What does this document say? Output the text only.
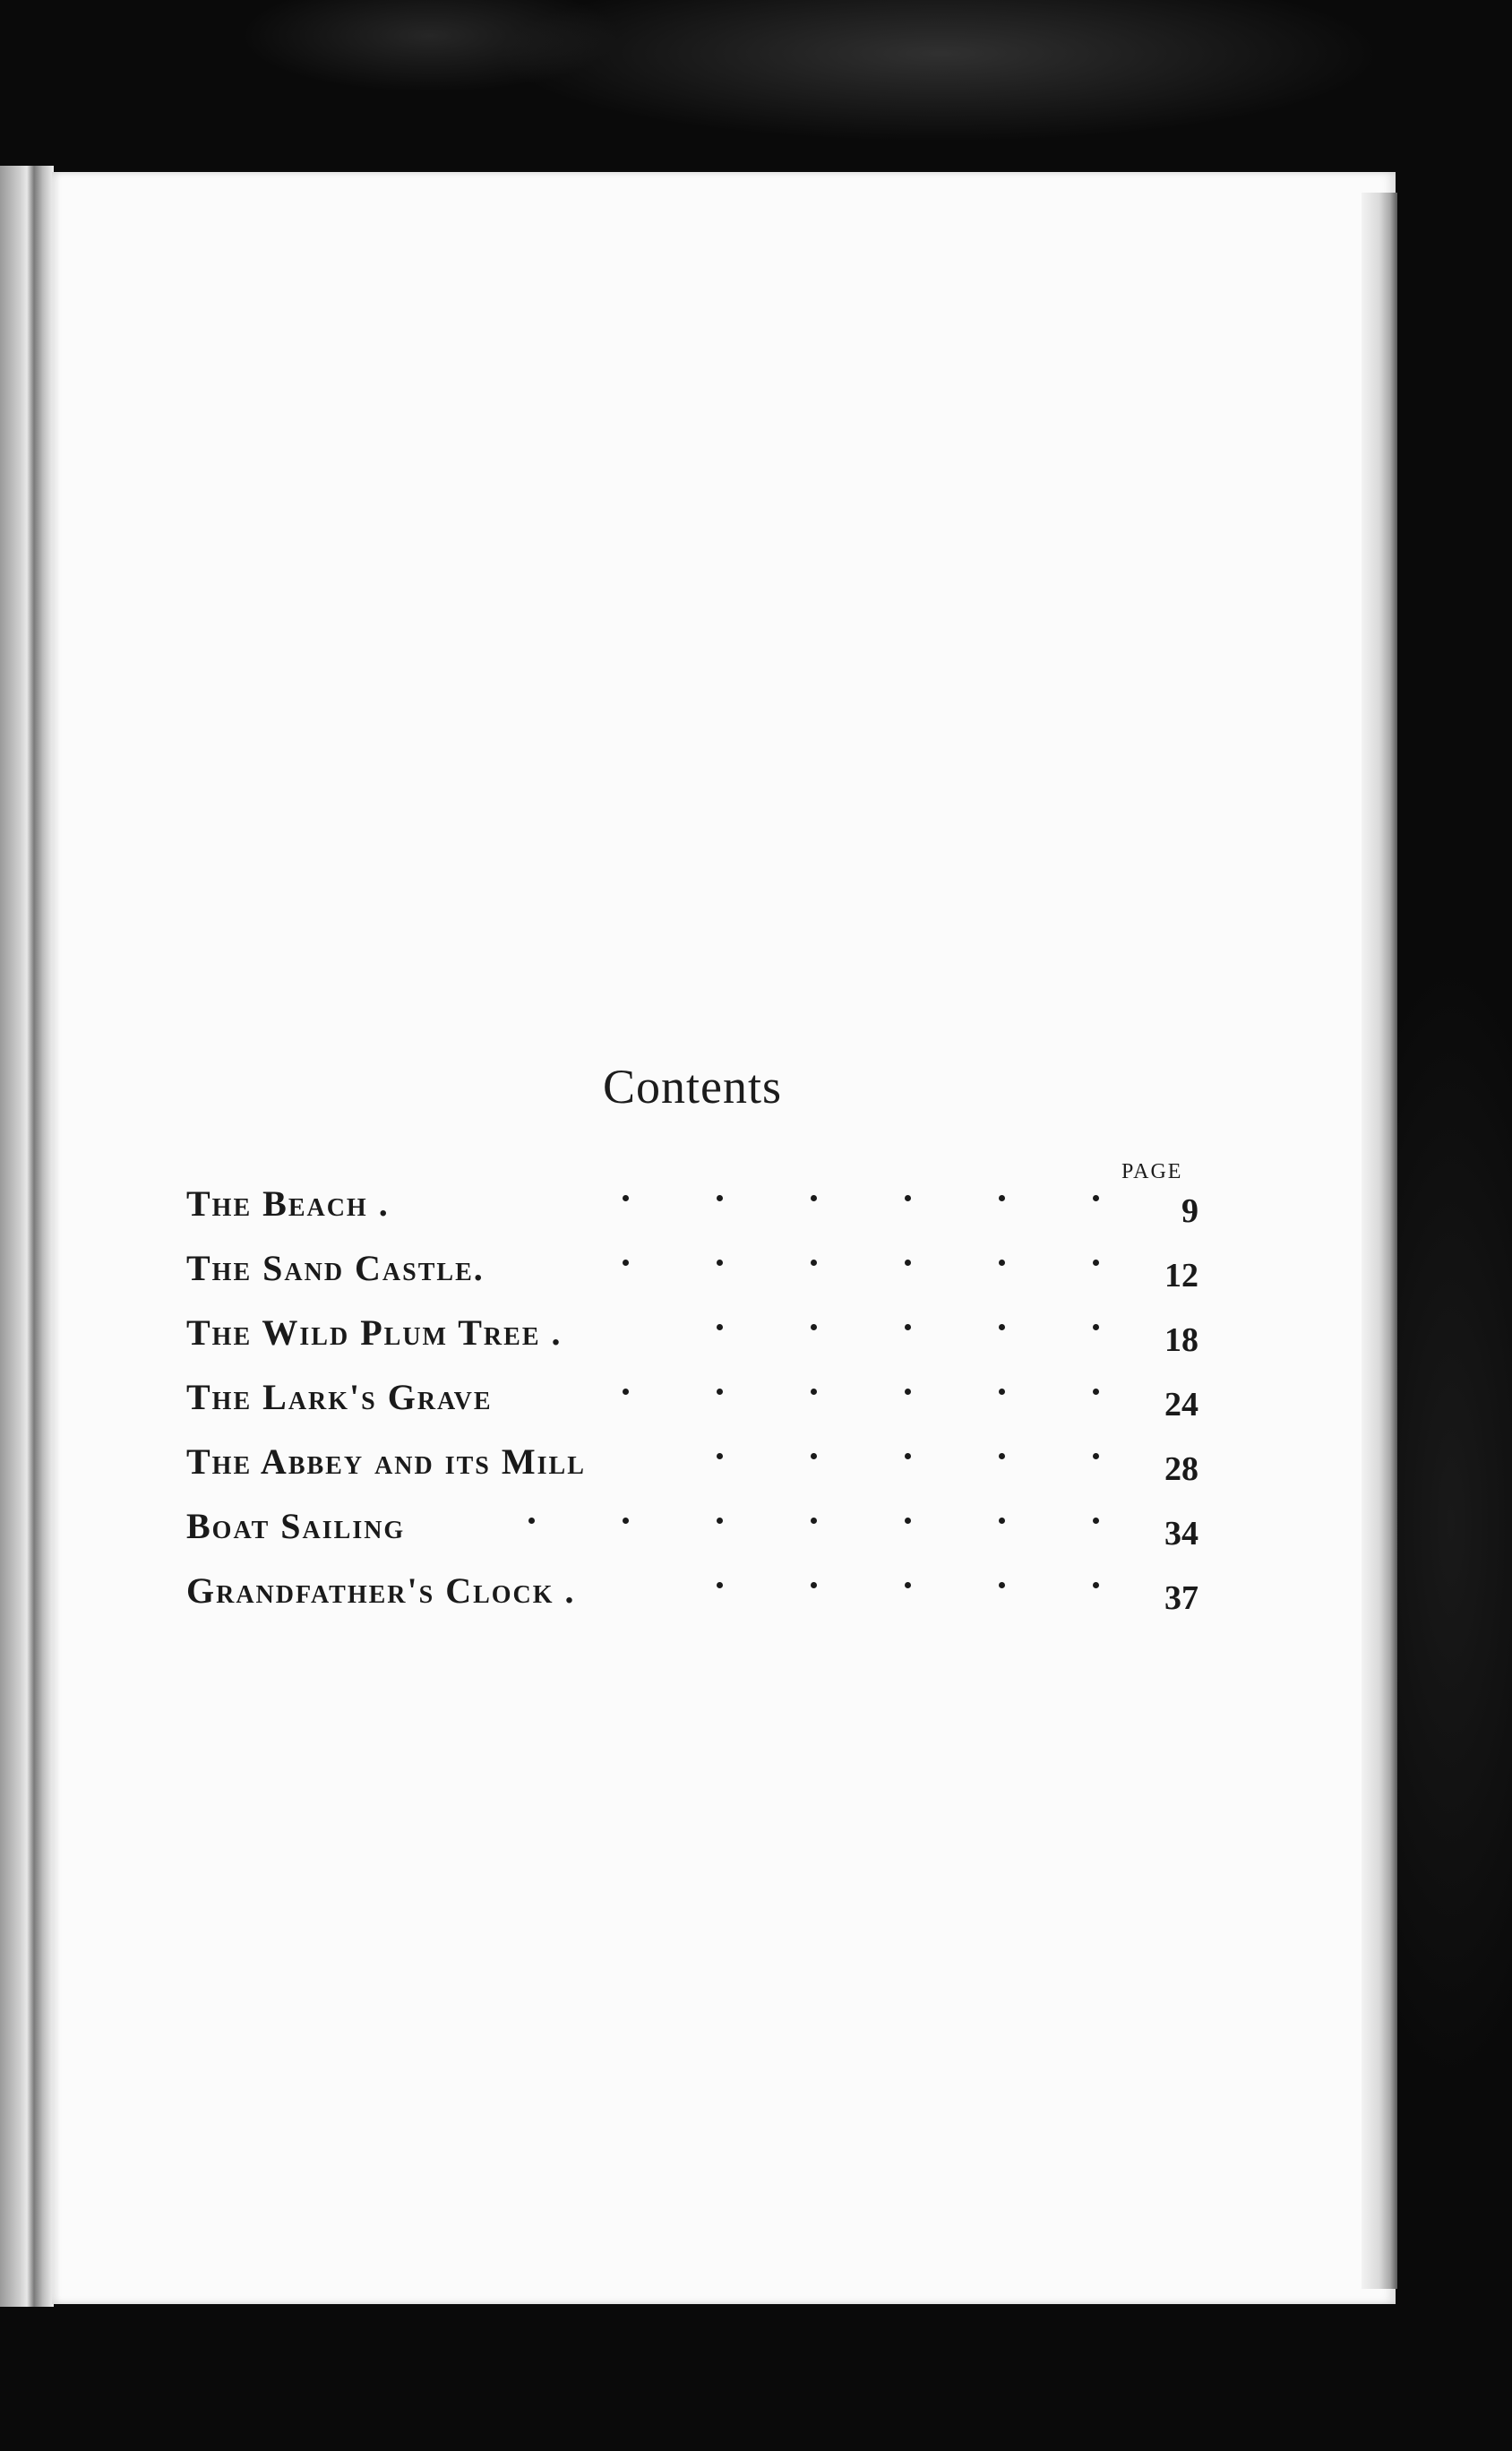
Contents
PAGE
The Beach .	9
The Sand Castle.	12
The Wild Plum Tree .	18
The Lark's Grave	24
The Abbey and its Mill	28
Boat Sailing	34
Grandfather's Clock .	37
